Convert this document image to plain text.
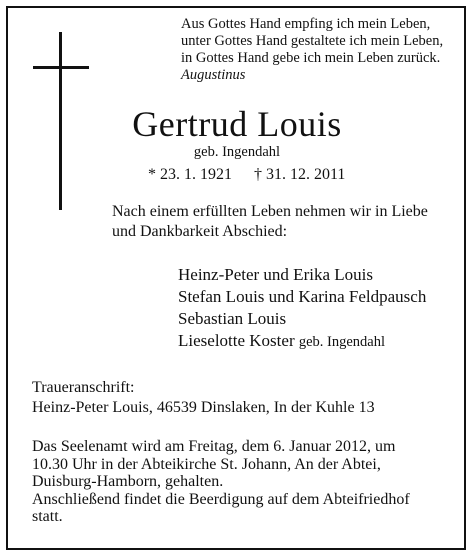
Aus Gottes Hand empfing ich mein Leben,
unter Gottes Hand gestaltete ich mein Leben,
in Gottes Hand gebe ich mein Leben zurück.
Augustinus
Gertrud Louis
geb. Ingendahl
* 23. 1. 1921 † 31. 12. 2011
Nach einem erfüllten Leben nehmen wir in Liebe
und Dankbarkeit Abschied:
Heinz-Peter und Erika Louis
Stefan Louis und Karina Feldpausch
Sebastian Louis
Lieselotte Koster geb. Ingendahl
Traueranschrift:
Heinz-Peter Louis, 46539 Dinslaken, In der Kuhle 13
Das Seelenamt wird am Freitag, dem 6. Januar 2012, um
10.30 Uhr in der Abteikirche St. Johann, An der Abtei,
Duisburg-Hamborn, gehalten.
Anschließend findet die Beerdigung auf dem Abteifriedhof
statt.
